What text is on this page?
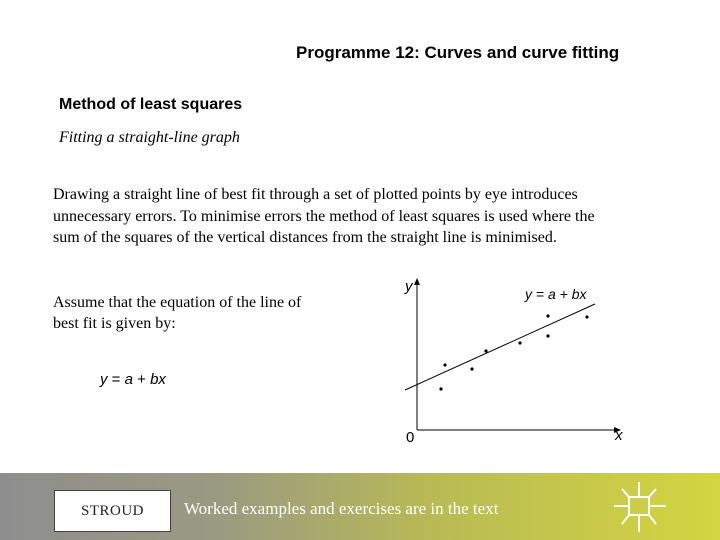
Programme 12: Curves and curve fitting
Method of least squares
Fitting a straight-line graph
Drawing a straight line of best fit through a set of plotted points by eye introduces unnecessary errors. To minimise errors the method of least squares is used where the sum of the squares of the vertical distances from the straight line is minimised.
Assume that the equation of the line of best fit is given by:
y = a + bx
y
x
0
y = a + bx
STROUD	Worked examples and exercises are in the text
